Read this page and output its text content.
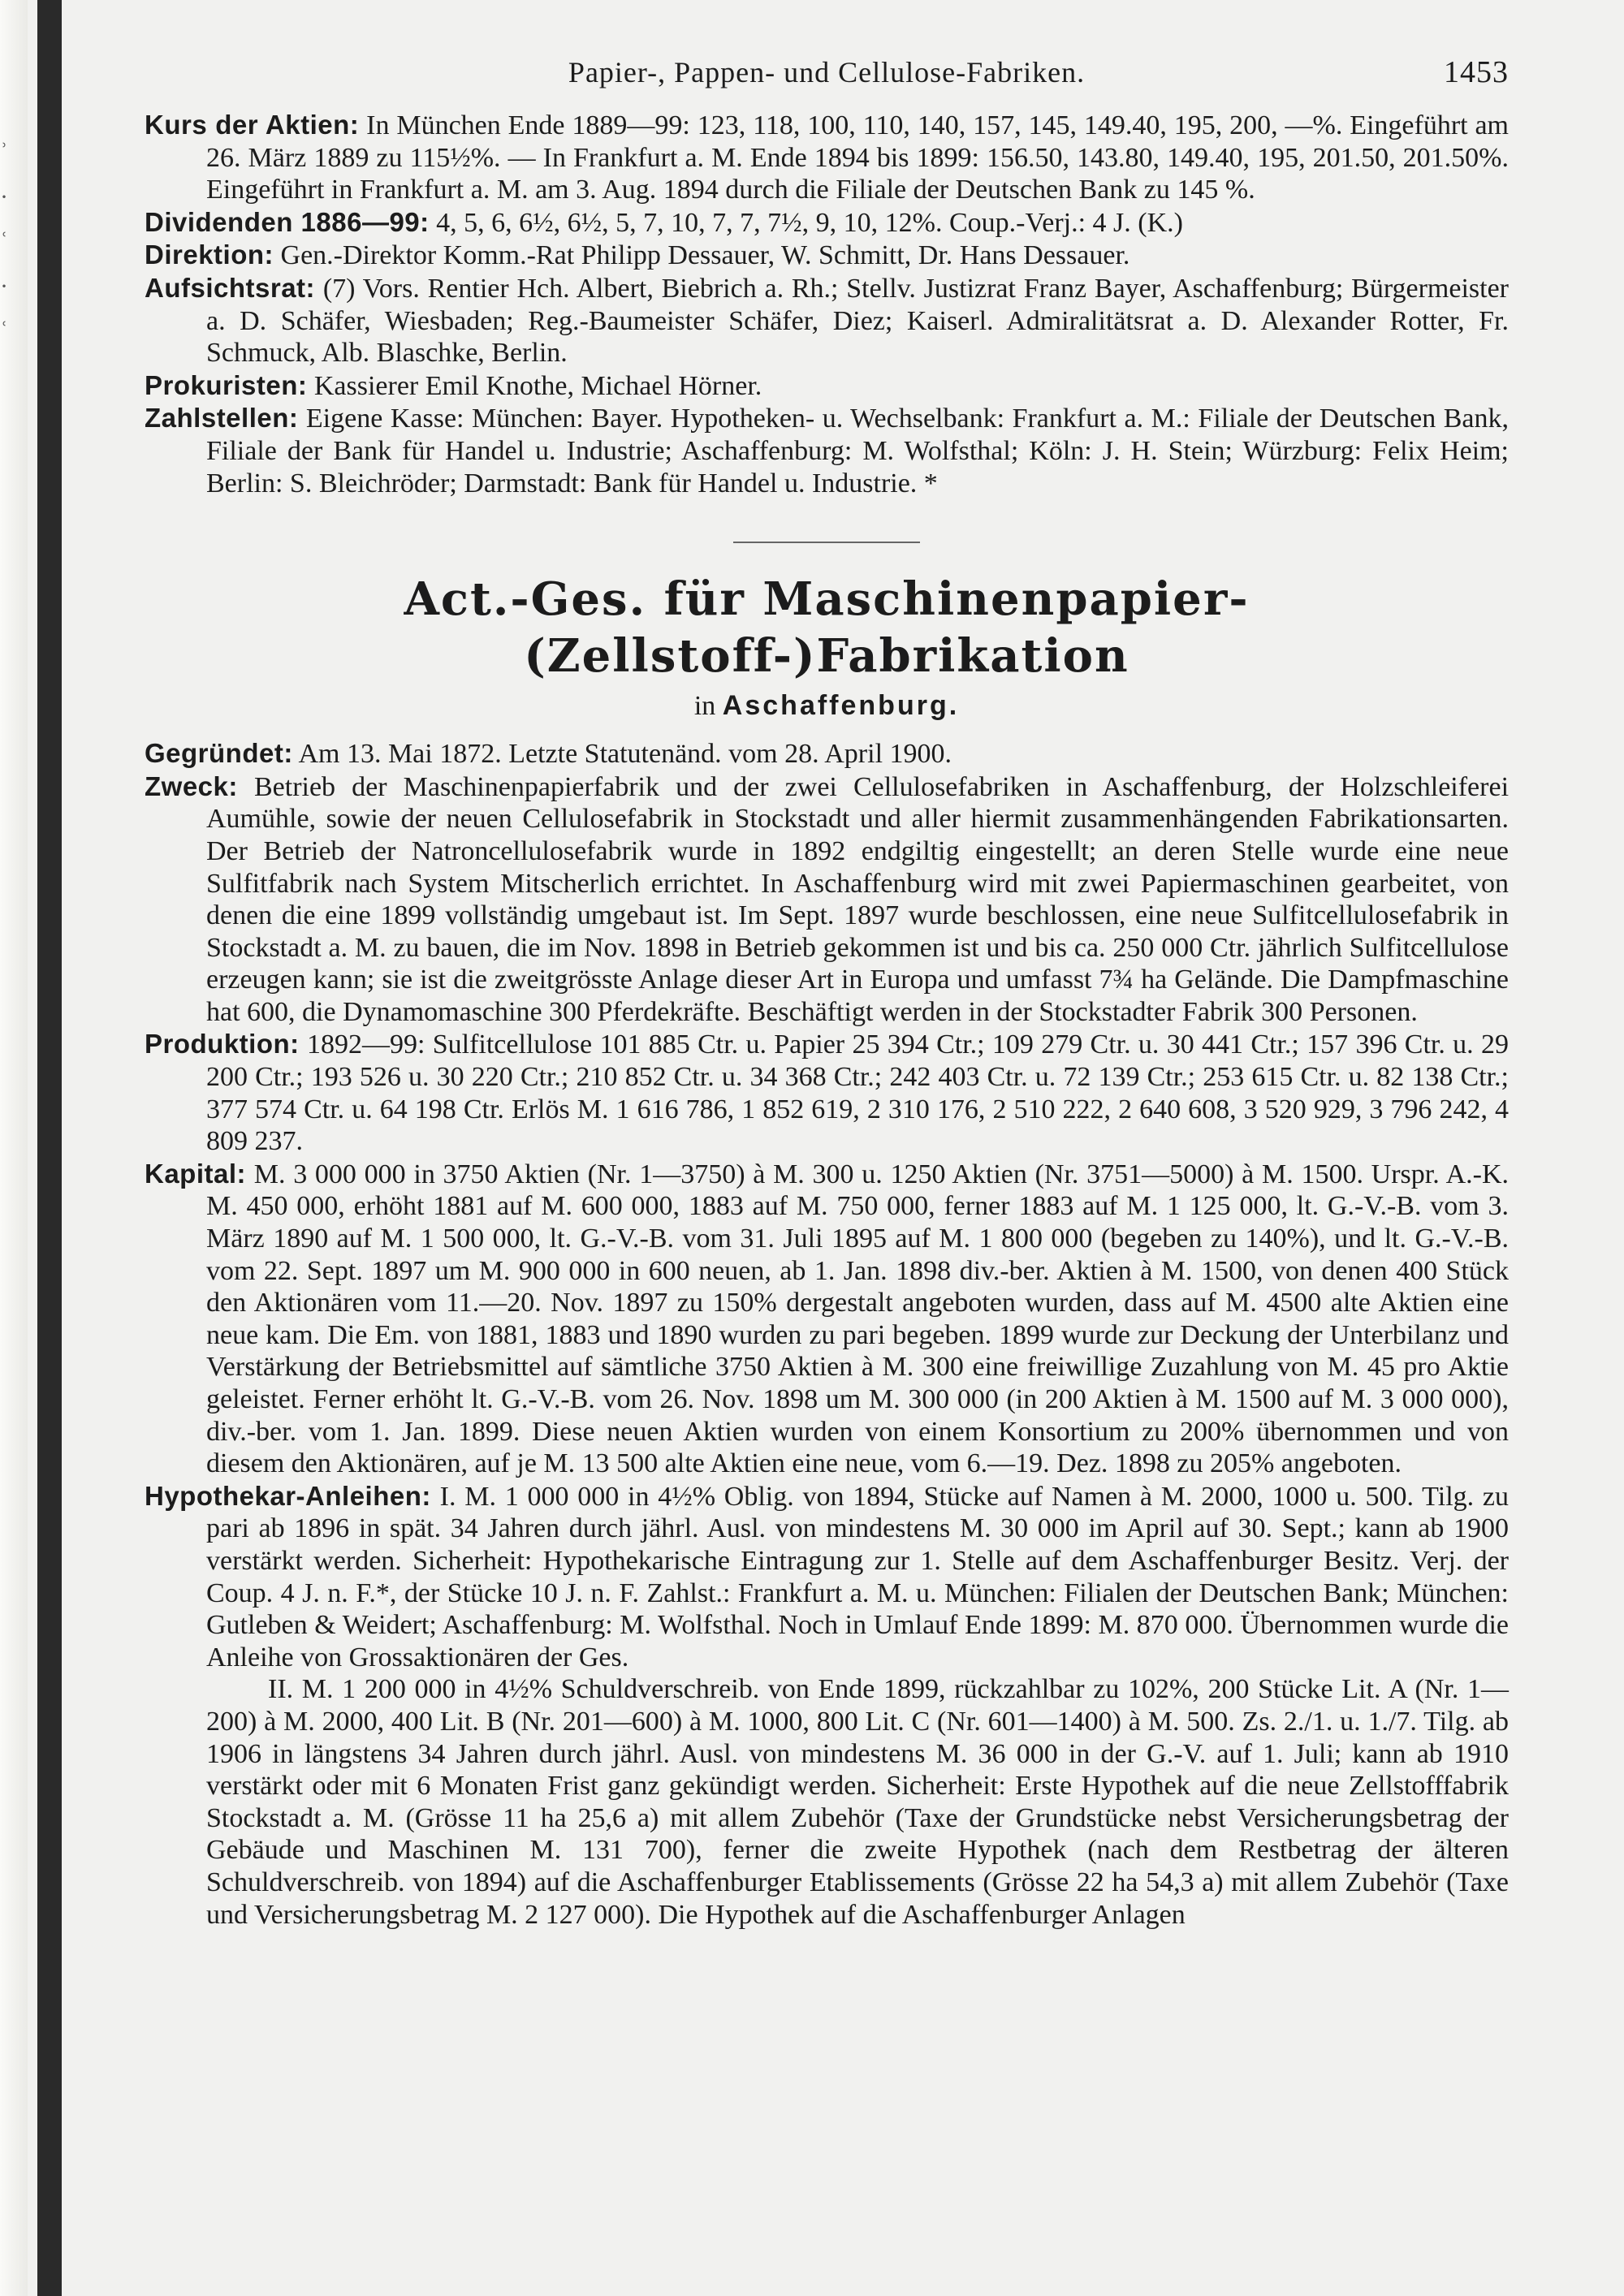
ʾ
·
ʿ
·
ʿ
Papier-, Pappen- und Cellulose-Fabriken.	1453

Kurs der Aktien: In München Ende 1889—99: 123, 118, 100, 110, 140, 157, 145, 149.40, 195, 200, —%. Eingeführt am 26. März 1889 zu 115½%. — In Frankfurt a. M. Ende 1894 bis 1899: 156.50, 143.80, 149.40, 195, 201.50, 201.50%. Eingeführt in Frankfurt a. M. am 3. Aug. 1894 durch die Filiale der Deutschen Bank zu 145 %.

Dividenden 1886—99: 4, 5, 6, 6½, 6½, 5, 7, 10, 7, 7, 7½, 9, 10, 12%. Coup.-Verj.: 4 J. (K.)

Direktion: Gen.-Direktor Komm.-Rat Philipp Dessauer, W. Schmitt, Dr. Hans Dessauer.

Aufsichtsrat: (7) Vors. Rentier Hch. Albert, Biebrich a. Rh.; Stellv. Justizrat Franz Bayer, Aschaffenburg; Bürgermeister a. D. Schäfer, Wiesbaden; Reg.-Baumeister Schäfer, Diez; Kaiserl. Admiralitätsrat a. D. Alexander Rotter, Fr. Schmuck, Alb. Blaschke, Berlin.

Prokuristen: Kassierer Emil Knothe, Michael Hörner.

Zahlstellen: Eigene Kasse: München: Bayer. Hypotheken- u. Wechselbank: Frankfurt a. M.: Filiale der Deutschen Bank, Filiale der Bank für Handel u. Industrie; Aschaffenburg: M. Wolfsthal; Köln: J. H. Stein; Würzburg: Felix Heim; Berlin: S. Bleichröder; Darmstadt: Bank für Handel u. Industrie. *

Act.-Ges. für Maschinenpapier-(Zellstoff-)Fabrikation

in Aschaffenburg.

Gegründet: Am 13. Mai 1872. Letzte Statutenänd. vom 28. April 1900.

Zweck: Betrieb der Maschinenpapierfabrik und der zwei Cellulosefabriken in Aschaffenburg, der Holzschleiferei Aumühle, sowie der neuen Cellulosefabrik in Stockstadt und aller hiermit zusammenhängenden Fabrikationsarten. Der Betrieb der Natroncellulosefabrik wurde in 1892 endgiltig eingestellt; an deren Stelle wurde eine neue Sulfitfabrik nach System Mitscherlich errichtet. In Aschaffenburg wird mit zwei Papiermaschinen gearbeitet, von denen die eine 1899 vollständig umgebaut ist. Im Sept. 1897 wurde beschlossen, eine neue Sulfitcellulosefabrik in Stockstadt a. M. zu bauen, die im Nov. 1898 in Betrieb gekommen ist und bis ca. 250 000 Ctr. jährlich Sulfitcellulose erzeugen kann; sie ist die zweitgrösste Anlage dieser Art in Europa und umfasst 7¾ ha Gelände. Die Dampfmaschine hat 600, die Dynamomaschine 300 Pferdekräfte. Beschäftigt werden in der Stockstadter Fabrik 300 Personen.

Produktion: 1892—99: Sulfitcellulose 101 885 Ctr. u. Papier 25 394 Ctr.; 109 279 Ctr. u. 30 441 Ctr.; 157 396 Ctr. u. 29 200 Ctr.; 193 526 u. 30 220 Ctr.; 210 852 Ctr. u. 34 368 Ctr.; 242 403 Ctr. u. 72 139 Ctr.; 253 615 Ctr. u. 82 138 Ctr.; 377 574 Ctr. u. 64 198 Ctr. Erlös M. 1 616 786, 1 852 619, 2 310 176, 2 510 222, 2 640 608, 3 520 929, 3 796 242, 4 809 237.

Kapital: M. 3 000 000 in 3750 Aktien (Nr. 1—3750) à M. 300 u. 1250 Aktien (Nr. 3751—5000) à M. 1500. Urspr. A.-K. M. 450 000, erhöht 1881 auf M. 600 000, 1883 auf M. 750 000, ferner 1883 auf M. 1 125 000, lt. G.-V.-B. vom 3. März 1890 auf M. 1 500 000, lt. G.-V.-B. vom 31. Juli 1895 auf M. 1 800 000 (begeben zu 140%), und lt. G.-V.-B. vom 22. Sept. 1897 um M. 900 000 in 600 neuen, ab 1. Jan. 1898 div.-ber. Aktien à M. 1500, von denen 400 Stück den Aktionären vom 11.—20. Nov. 1897 zu 150% dergestalt angeboten wurden, dass auf M. 4500 alte Aktien eine neue kam. Die Em. von 1881, 1883 und 1890 wurden zu pari begeben. 1899 wurde zur Deckung der Unterbilanz und Verstärkung der Betriebsmittel auf sämtliche 3750 Aktien à M. 300 eine freiwillige Zuzahlung von M. 45 pro Aktie geleistet. Ferner erhöht lt. G.-V.-B. vom 26. Nov. 1898 um M. 300 000 (in 200 Aktien à M. 1500 auf M. 3 000 000), div.-ber. vom 1. Jan. 1899. Diese neuen Aktien wurden von einem Konsortium zu 200% übernommen und von diesem den Aktionären, auf je M. 13 500 alte Aktien eine neue, vom 6.—19. Dez. 1898 zu 205% angeboten.

Hypothekar-Anleihen: I. M. 1 000 000 in 4½% Oblig. von 1894, Stücke auf Namen à M. 2000, 1000 u. 500. Tilg. zu pari ab 1896 in spät. 34 Jahren durch jährl. Ausl. von mindestens M. 30 000 im April auf 30. Sept.; kann ab 1900 verstärkt werden. Sicherheit: Hypothekarische Eintragung zur 1. Stelle auf dem Aschaffenburger Besitz. Verj. der Coup. 4 J. n. F.*, der Stücke 10 J. n. F. Zahlst.: Frankfurt a. M. u. München: Filialen der Deutschen Bank; München: Gutleben & Weidert; Aschaffenburg: M. Wolfsthal. Noch in Umlauf Ende 1899: M. 870 000. Übernommen wurde die Anleihe von Grossaktionären der Ges.

II. M. 1 200 000 in 4½% Schuldverschreib. von Ende 1899, rückzahlbar zu 102%, 200 Stücke Lit. A (Nr. 1—200) à M. 2000, 400 Lit. B (Nr. 201—600) à M. 1000, 800 Lit. C (Nr. 601—1400) à M. 500. Zs. 2./1. u. 1./7. Tilg. ab 1906 in längstens 34 Jahren durch jährl. Ausl. von mindestens M. 36 000 in der G.-V. auf 1. Juli; kann ab 1910 verstärkt oder mit 6 Monaten Frist ganz gekündigt werden. Sicherheit: Erste Hypothek auf die neue Zellstofffabrik Stockstadt a. M. (Grösse 11 ha 25,6 a) mit allem Zubehör (Taxe der Grundstücke nebst Versicherungsbetrag der Gebäude und Maschinen M. 131 700), ferner die zweite Hypothek (nach dem Restbetrag der älteren Schuldverschreib. von 1894) auf die Aschaffenburger Etablissements (Grösse 22 ha 54,3 a) mit allem Zubehör (Taxe und Versicherungsbetrag M. 2 127 000). Die Hypothek auf die Aschaffenburger Anlagen
